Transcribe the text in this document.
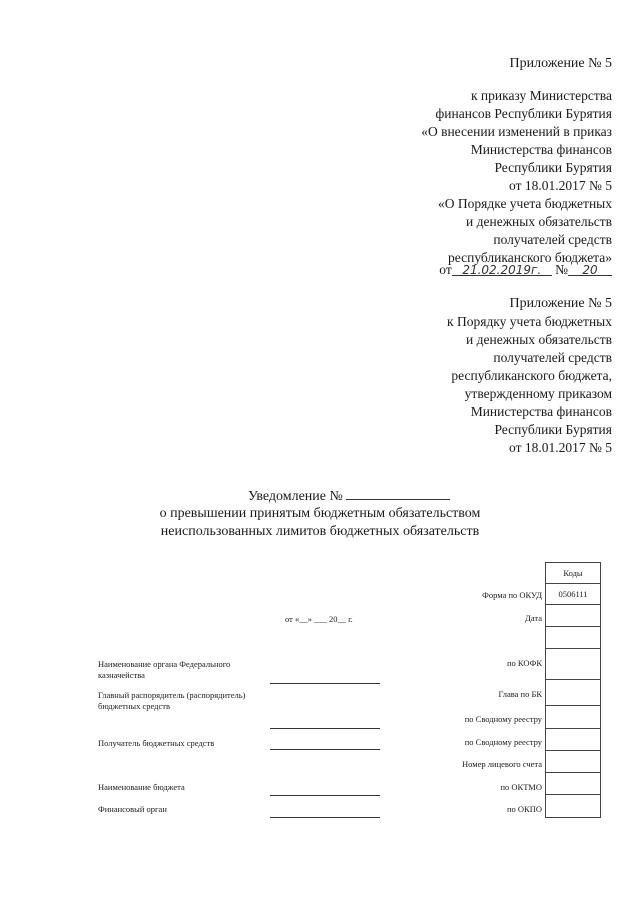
Приложение № 5
к приказу Министерства
финансов Республики Бурятия
«О внесении изменений в приказ
Министерства финансов
Республики Бурятия
от 18.01.2017 № 5
«О Порядке учета бюджетных
и денежных обязательств
получателей средств
республиканского бюджета»
от 21.02.2019г. № 20
Приложение № 5
к Порядку учета бюджетных
и денежных обязательств
получателей средств
республиканского бюджета,
утвержденному приказом
Министерства финансов
Республики Бурятия
от 18.01.2017 № 5
Уведомление №
о превышении принятым бюджетным обязательством
неиспользованных лимитов бюджетных обязательств
от «__» ___ 20__ г.
Наименование органа Федерального
казначейства
Главный распорядитель (распорядитель)
бюджетных средств
Получатель бюджетных средств
Наименование бюджета
Финансовый орган
Форма по ОКУД
Дата
по КОФК
Глава по БК
по Сводному реестру
по Сводному реестру
Номер лицевого счета
по ОКТМО
по ОКПО
Коды
0506111
